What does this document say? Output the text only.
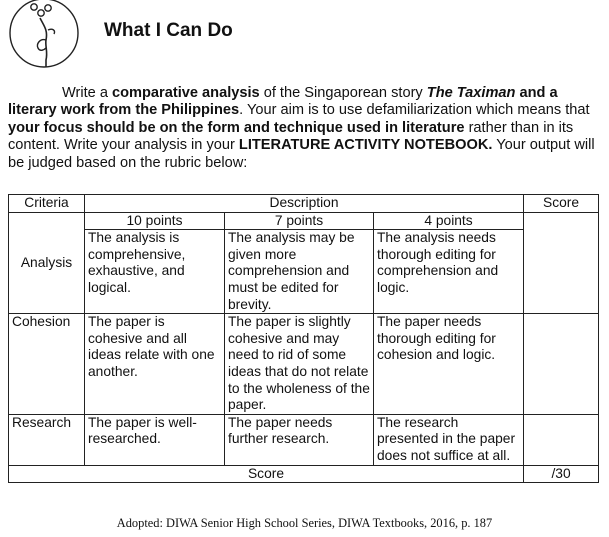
What I Can Do

Write a comparative analysis of the Singaporean story The Taximan and a literary work from the Philippines. Your aim is to use defamiliarization which means that your focus should be on the form and technique used in literature rather than in its content. Write your analysis in your LITERATURE ACTIVITY NOTEBOOK. Your output will be judged based on the rubric below:

Criteria	Description			Score
Analysis	10 points	7 points	4 points	
	The analysis is comprehensive, exhaustive, and logical.	The analysis may be given more comprehension and must be edited for brevity.	The analysis needs thorough editing for comprehension and logic.	
Cohesion	The paper is cohesive and all ideas relate with one another.	The paper is slightly cohesive and may need to rid of some ideas that do not relate to the wholeness of the paper.	The paper needs thorough editing for cohesion and logic.	
Research	The paper is well-researched.	The paper needs further research.	The research presented in the paper does not suffice at all.	
Score				/30
Adopted: DIWA Senior High School Series, DIWA Textbooks, 2016, p. 187
